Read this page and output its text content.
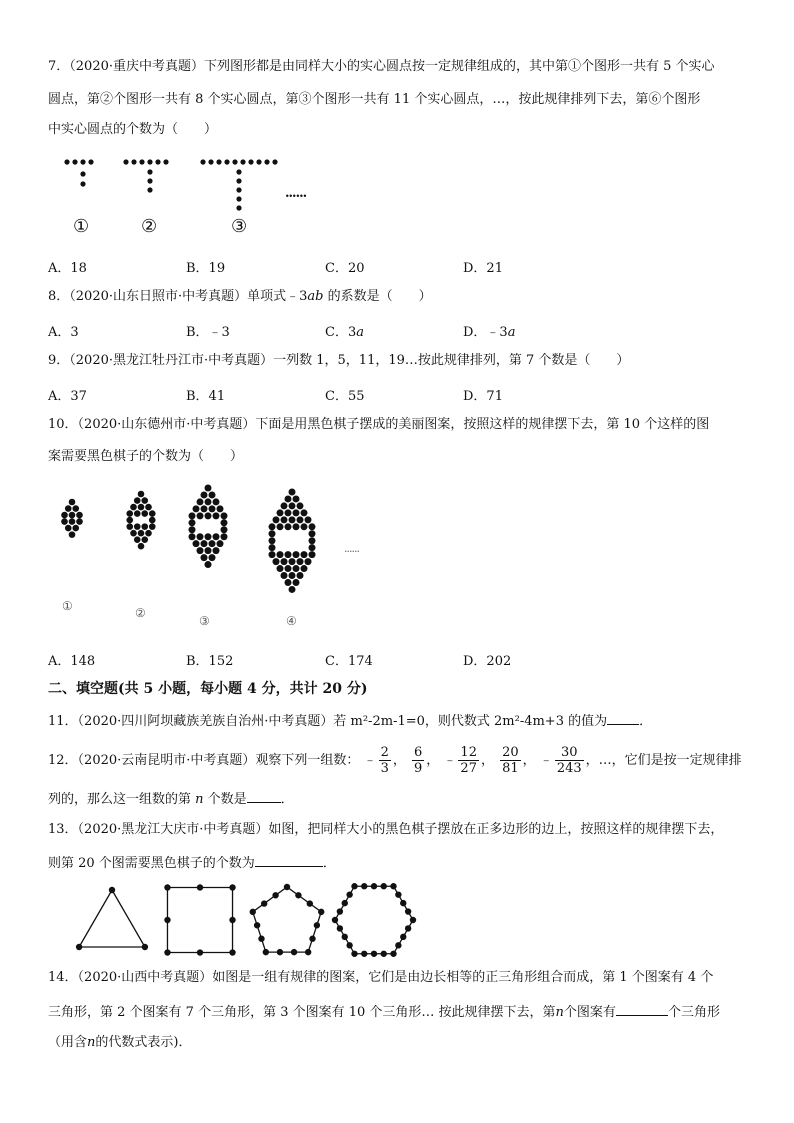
7．（2020·重庆中考真题）下列图形都是由同样大小的实心圆点按一定规律组成的，其中第①个图形一共有 5 个实心
圆点，第②个图形一共有 8 个实心圆点，第③个图形一共有 11 个实心圆点，…，按此规律排列下去，第⑥个图形
中实心圆点的个数为（　　）
......
①	②	③
A．18	B．19	C．20	D．21
8．（2020·山东日照市·中考真题）单项式﹣3ab 的系数是（　　）
A．3	B．﹣3	C．3a	D．﹣3a
9．（2020·黑龙江牡丹江市·中考真题）一列数 1，5，11，19…按此规律排列，第 7 个数是（　　）
A．37	B．41	C．55	D．71
10．（2020·山东德州市·中考真题）下面是用黑色棋子摆成的美丽图案，按照这样的规律摆下去，第 10 个这样的图
案需要黑色棋子的个数为（　　）
......
①	②
③	④
A．148	B．152	C．174	D．202
二、填空题(共 5 小题，每小题 4 分，共计 20 分)
11．（2020·四川阿坝藏族羌族自治州·中考真题）若 m²-2m-1=0，则代数式 2m²-4m+3 的值为 ．
12．（2020·云南昆明市·中考真题）观察下列一组数： ﹣ $\frac{2}{3}$ ， $\frac{6}{9}$ ， ﹣ $\frac{12}{27}$ ， $\frac{20}{81}$ ， ﹣ $\frac{30}{243}$ ，…，它们是按一定规律排
列的，那么这一组数的第 n 个数是	．
13．（2020·黑龙江大庆市·中考真题）如图，把同样大小的黑色棋子摆放在正多边形的边上，按照这样的规律摆下去，
则第 20 个图需要黑色棋子的个数为	．
14．（2020·山西中考真题）如图是一组有规律的图案，它们是由边长相等的正三角形组合而成，第 1 个图案有 4 个
三角形，第 2 个图案有 7 个三角形，第 3 个图案有 10 个三角形… 按此规律摆下去，第n个图案有	个三角形
（用含n的代数式表示)．
